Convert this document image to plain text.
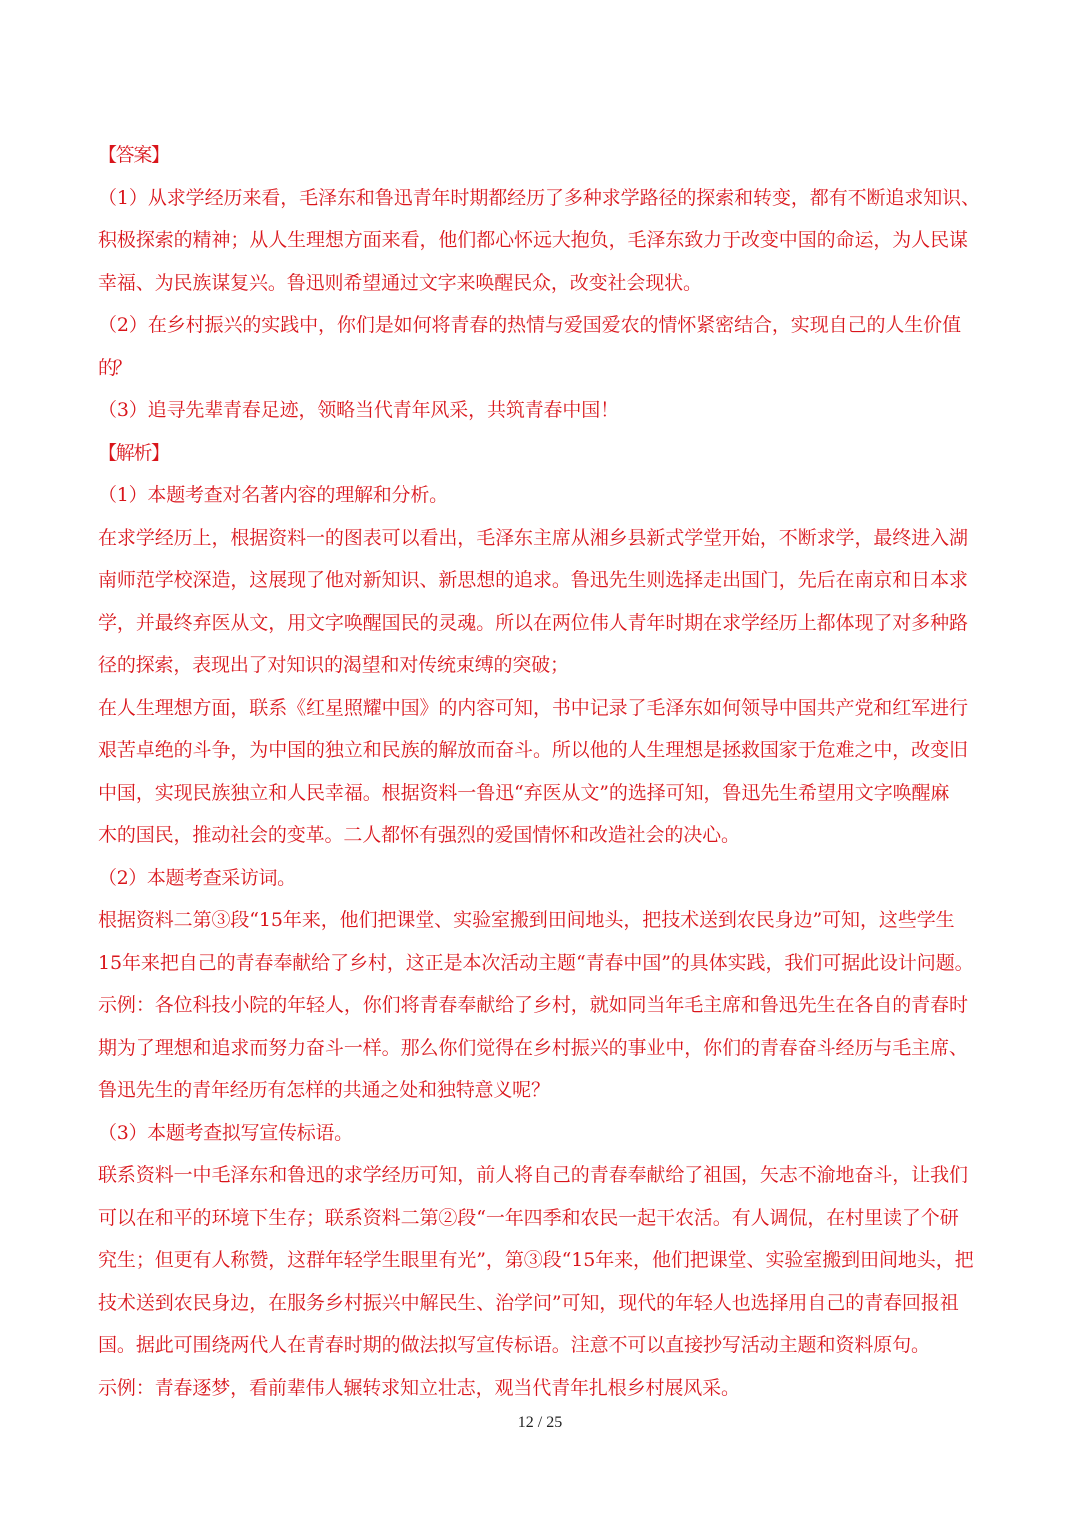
【答案】
（1）从求学经历来看，毛泽东和鲁迅青年时期都经历了多种求学路径的探索和转变，都有不断追求知识、
积极探索的精神；从人生理想方面来看，他们都心怀远大抱负，毛泽东致力于改变中国的命运，为人民谋
幸福、为民族谋复兴。鲁迅则希望通过文字来唤醒民众，改变社会现状。
（2）在乡村振兴的实践中，你们是如何将青春的热情与爱国爱农的情怀紧密结合，实现自己的人生价值
的？
（3）追寻先辈青春足迹，领略当代青年风采，共筑青春中国！
【解析】
（1）本题考查对名著内容的理解和分析。
在求学经历上，根据资料一的图表可以看出，毛泽东主席从湘乡县新式学堂开始，不断求学，最终进入湖
南师范学校深造，这展现了他对新知识、新思想的追求。鲁迅先生则选择走出国门，先后在南京和日本求
学，并最终弃医从文，用文字唤醒国民的灵魂。所以在两位伟人青年时期在求学经历上都体现了对多种路
径的探索，表现出了对知识的渴望和对传统束缚的突破；
在人生理想方面，联系《红星照耀中国》的内容可知，书中记录了毛泽东如何领导中国共产党和红军进行
艰苦卓绝的斗争，为中国的独立和民族的解放而奋斗。所以他的人生理想是拯救国家于危难之中，改变旧
中国，实现民族独立和人民幸福。根据资料一鲁迅“弃医从文”的选择可知，鲁迅先生希望用文字唤醒麻
木的国民，推动社会的变革。二人都怀有强烈的爱国情怀和改造社会的决心。
（2）本题考查采访词。
根据资料二第③段“15年来，他们把课堂、实验室搬到田间地头，把技术送到农民身边”可知，这些学生
15年来把自己的青春奉献给了乡村，这正是本次活动主题“青春中国”的具体实践，我们可据此设计问题。
示例：各位科技小院的年轻人，你们将青春奉献给了乡村，就如同当年毛主席和鲁迅先生在各自的青春时
期为了理想和追求而努力奋斗一样。那么你们觉得在乡村振兴的事业中，你们的青春奋斗经历与毛主席、
鲁迅先生的青年经历有怎样的共通之处和独特意义呢？
（3）本题考查拟写宣传标语。
联系资料一中毛泽东和鲁迅的求学经历可知，前人将自己的青春奉献给了祖国，矢志不渝地奋斗，让我们
可以在和平的环境下生存；联系资料二第②段“一年四季和农民一起干农活。有人调侃，在村里读了个研
究生；但更有人称赞，这群年轻学生眼里有光”，第③段“15年来，他们把课堂、实验室搬到田间地头，把
技术送到农民身边，在服务乡村振兴中解民生、治学问”可知，现代的年轻人也选择用自己的青春回报祖
国。据此可围绕两代人在青春时期的做法拟写宣传标语。注意不可以直接抄写活动主题和资料原句。
示例：青春逐梦，看前辈伟人辗转求知立壮志，观当代青年扎根乡村展风采。
12 / 25
